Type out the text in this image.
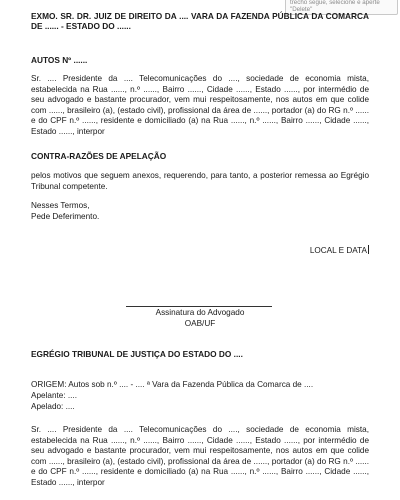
trecho segue, selecione e aperte "Delete"
EXMO. SR. DR. JUIZ DE DIREITO DA .... VARA DA FAZENDA PÚBLICA DA COMARCA DE ...... - ESTADO DO ......
AUTOS Nº ......
Sr. .... Presidente da .... Telecomunicações do ...., sociedade de economia mista, estabelecida na Rua ......, n.º ......, Bairro ......, Cidade ......, Estado ......, por intermédio de seu advogado e bastante procurador, vem mui respeitosamente, nos autos em que colide com ......, brasileiro (a), (estado civil), profissional da área de ......, portador (a) do RG n.º ...... e do CPF n.º ......, residente e domiciliado (a) na Rua ......, n.º ......, Bairro ......, Cidade ......, Estado ......, interpor
CONTRA-RAZÕES DE APELAÇÃO
pelos motivos que seguem anexos, requerendo, para tanto, a posterior remessa ao Egrégio Tribunal competente.
Nesses Termos,
Pede Deferimento.
LOCAL E DATA
Assinatura do Advogado
OAB/UF
EGRÉGIO TRIBUNAL DE JUSTIÇA DO ESTADO DO ....
ORIGEM: Autos sob n.º .... - .... ª Vara da Fazenda Pública da Comarca de ....
Apelante: ....
Apelado: ....
Sr. .... Presidente da .... Telecomunicações do ...., sociedade de economia mista, estabelecida na Rua ......, n.º ......, Bairro ......, Cidade ......, Estado ......, por intermédio de seu advogado e bastante procurador, vem mui respeitosamente, nos autos em que colide com ......, brasileiro (a), (estado civil), profissional da área de ......, portador (a) do RG n.º ...... e do CPF n.º ......, residente e domiciliado (a) na Rua ......, n.º ......, Bairro ......, Cidade ......, Estado ......, interpor
